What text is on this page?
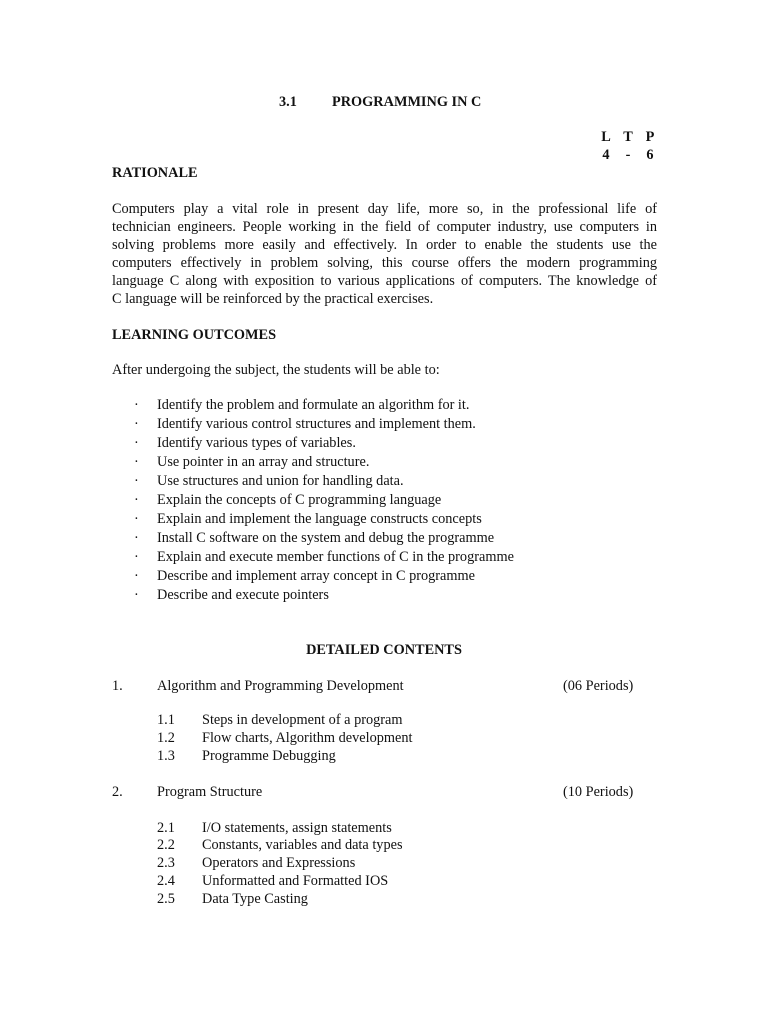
3.1 PROGRAMMING IN C
L T P
4 - 6
RATIONALE
Computers play a vital role in present day life, more so, in the professional life of
technician engineers. People working in the field of computer industry, use computers in
solving problems more easily and effectively. In order to enable the students use the
computers effectively in problem solving, this course offers the modern programming
language C along with exposition to various applications of computers. The knowledge of
C language will be reinforced by the practical exercises.
LEARNING OUTCOMES
After undergoing the subject, the students will be able to:
· Identify the problem and formulate an algorithm for it.
· Identify various control structures and implement them.
· Identify various types of variables.
· Use pointer in an array and structure.
· Use structures and union for handling data.
· Explain the concepts of C programming language
· Explain and implement the language constructs concepts
· Install C software on the system and debug the programme
· Explain and execute member functions of C in the programme
· Describe and implement array concept in C programme
· Describe and execute pointers
DETAILED CONTENTS
1. Algorithm and Programming Development	(06 Periods)
1.1 Steps in development of a program
1.2 Flow charts, Algorithm development
1.3 Programme Debugging
2. Program Structure	(10 Periods)
2.1 I/O statements, assign statements
2.2 Constants, variables and data types
2.3 Operators and Expressions
2.4 Unformatted and Formatted IOS
2.5 Data Type Casting
